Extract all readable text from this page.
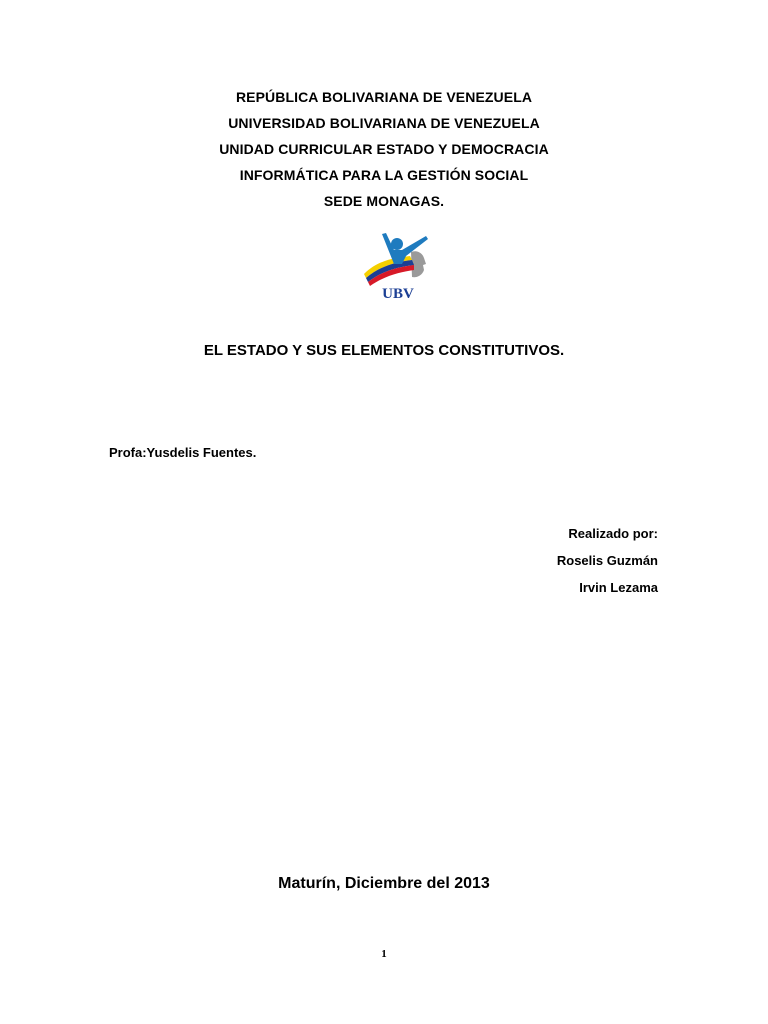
REPÚBLICA BOLIVARIANA DE VENEZUELA
UNIVERSIDAD BOLIVARIANA DE VENEZUELA
UNIDAD CURRICULAR ESTADO Y DEMOCRACIA
INFORMÁTICA PARA LA GESTIÓN SOCIAL
SEDE MONAGAS.
UBV
EL ESTADO Y SUS ELEMENTOS CONSTITUTIVOS.
Profa:Yusdelis Fuentes.
Realizado por:
Roselis Guzmán
Irvin Lezama
Maturín, Diciembre del 2013
1
